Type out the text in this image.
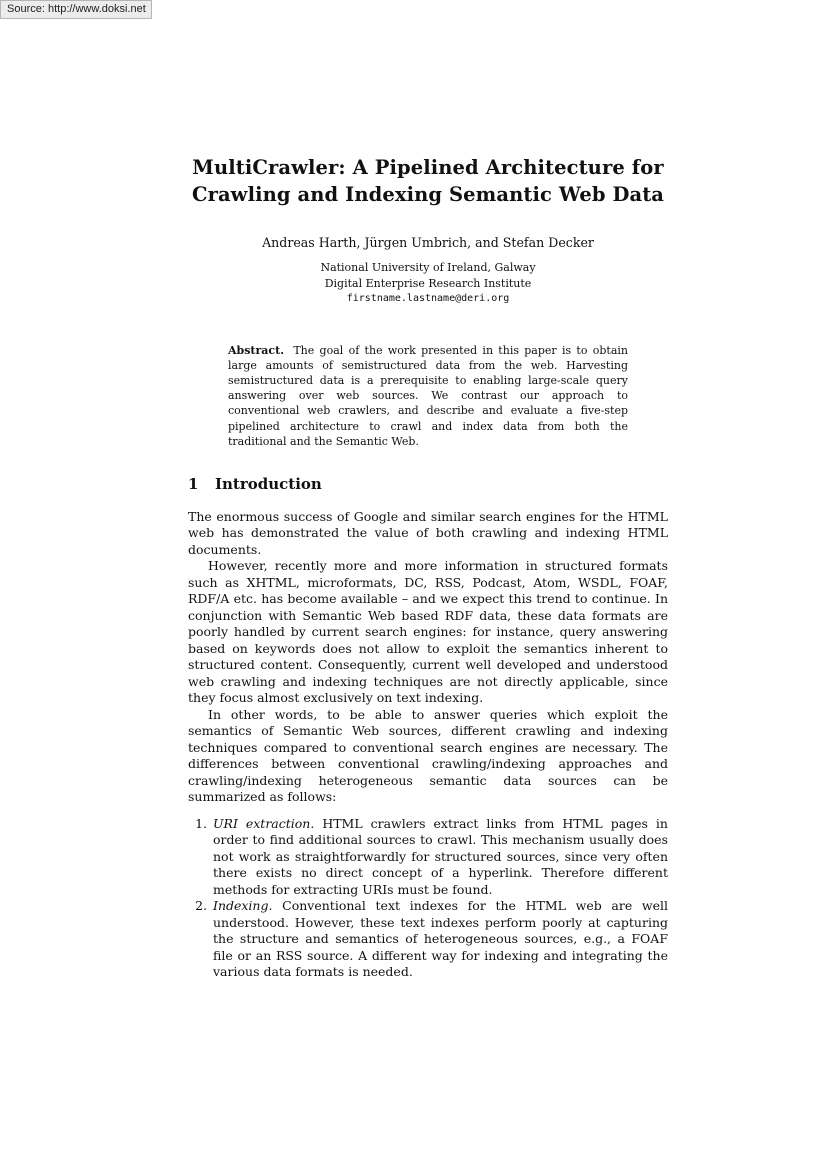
Source: http://www.doksi.net
MultiCrawler: A Pipelined Architecture for
Crawling and Indexing Semantic Web Data
Andreas Harth, Jürgen Umbrich, and Stefan Decker
National University of Ireland, Galway
Digital Enterprise Research Institute
firstname.lastname@deri.org
Abstract. The goal of the work presented in this paper is to obtain large amounts of semistructured data from the web. Harvesting semistructured data is a prerequisite to enabling large-scale query answering over web sources. We contrast our approach to conventional web crawlers, and describe and evaluate a five-step pipelined architecture to crawl and index data from both the traditional and the Semantic Web.
1 Introduction

The enormous success of Google and similar search engines for the HTML web has demonstrated the value of both crawling and indexing HTML documents.

However, recently more and more information in structured formats such as XHTML, microformats, DC, RSS, Podcast, Atom, WSDL, FOAF, RDF/A etc. has become available – and we expect this trend to continue. In conjunction with Semantic Web based RDF data, these data formats are poorly handled by current search engines: for instance, query answering based on keywords does not allow to exploit the semantics inherent to structured content. Consequently, current well developed and understood web crawling and indexing techniques are not directly applicable, since they focus almost exclusively on text indexing.

In other words, to be able to answer queries which exploit the semantics of Semantic Web sources, different crawling and indexing techniques compared to conventional search engines are necessary. The differences between conventional crawling/indexing approaches and crawling/indexing heterogeneous semantic data sources can be summarized as follows:

1. URI extraction. HTML crawlers extract links from HTML pages in order to find additional sources to crawl. This mechanism usually does not work as straightforwardly for structured sources, since very often there exists no direct concept of a hyperlink. Therefore different methods for extracting URIs must be found.
2. Indexing. Conventional text indexes for the HTML web are well understood. However, these text indexes perform poorly at capturing the structure and semantics of heterogeneous sources, e.g., a FOAF file or an RSS source. A different way for indexing and integrating the various data formats is needed.
